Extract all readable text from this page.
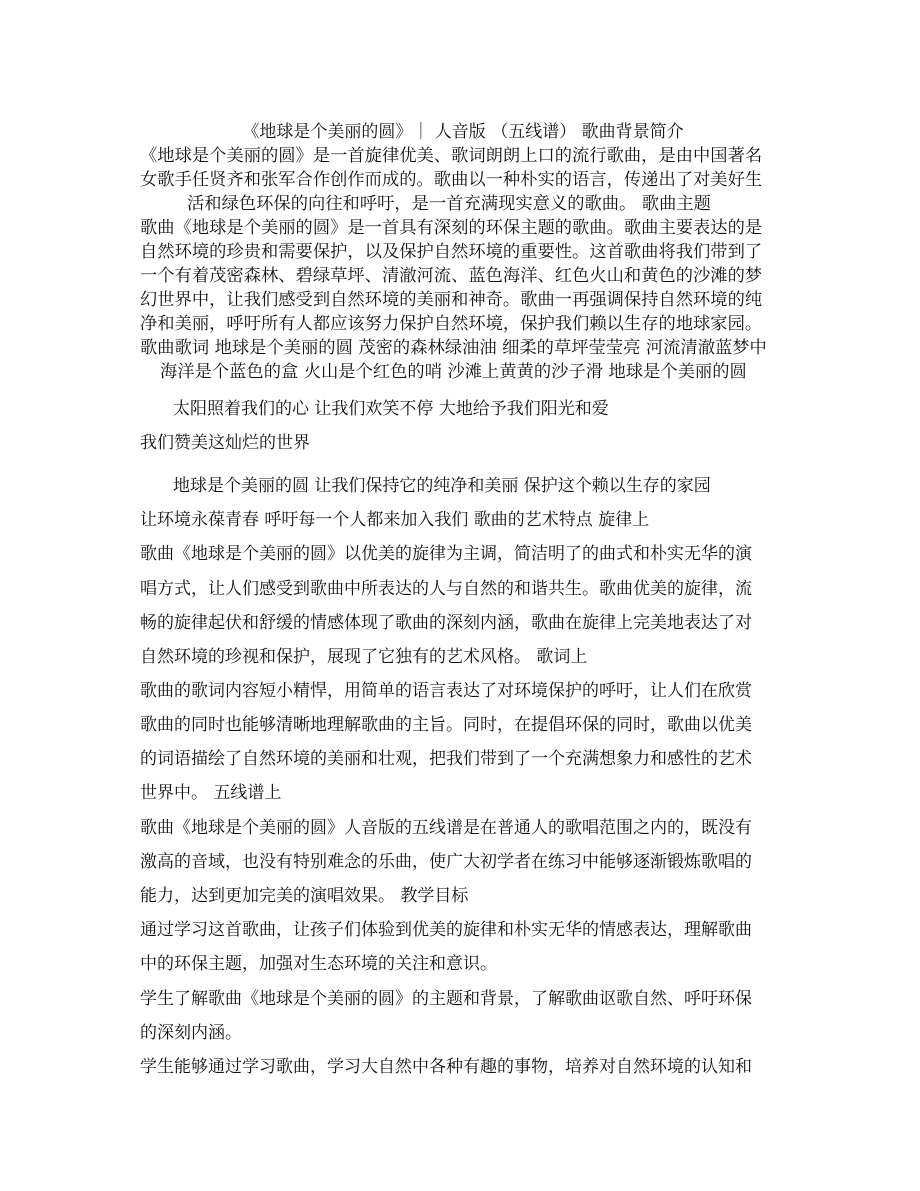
《地球是个美丽的圆》｜ 人音版 （五线谱） 歌曲背景简介
《地球是个美丽的圆》是一首旋律优美、歌词朗朗上口的流行歌曲，是由中国著名
女歌手任贤齐和张军合作创作而成的。歌曲以一种朴实的语言，传递出了对美好生
活和绿色环保的向往和呼吁，是一首充满现实意义的歌曲。 歌曲主题
歌曲《地球是个美丽的圆》是一首具有深刻的环保主题的歌曲。歌曲主要表达的是
自然环境的珍贵和需要保护，以及保护自然环境的重要性。这首歌曲将我们带到了
一个有着茂密森林、碧绿草坪、清澈河流、蓝色海洋、红色火山和黄色的沙滩的梦
幻世界中，让我们感受到自然环境的美丽和神奇。歌曲一再强调保持自然环境的纯
净和美丽，呼吁所有人都应该努力保护自然环境，保护我们赖以生存的地球家园。
歌曲歌词 地球是个美丽的圆 茂密的森林绿油油 细柔的草坪莹莹亮 河流清澈蓝梦中
海洋是个蓝色的盒 火山是个红色的哨 沙滩上黄黄的沙子滑 地球是个美丽的圆
太阳照着我们的心 让我们欢笑不停 大地给予我们阳光和爱
我们赞美这灿烂的世界
地球是个美丽的圆 让我们保持它的纯净和美丽 保护这个赖以生存的家园
让环境永葆青春 呼吁每一个人都来加入我们 歌曲的艺术特点 旋律上
歌曲《地球是个美丽的圆》以优美的旋律为主调，简洁明了的曲式和朴实无华的演
唱方式，让人们感受到歌曲中所表达的人与自然的和谐共生。歌曲优美的旋律，流
畅的旋律起伏和舒缓的情感体现了歌曲的深刻内涵，歌曲在旋律上完美地表达了对
自然环境的珍视和保护，展现了它独有的艺术风格。 歌词上
歌曲的歌词内容短小精悍，用简单的语言表达了对环境保护的呼吁，让人们在欣赏
歌曲的同时也能够清晰地理解歌曲的主旨。同时，在提倡环保的同时，歌曲以优美
的词语描绘了自然环境的美丽和壮观，把我们带到了一个充满想象力和感性的艺术
世界中。 五线谱上
歌曲《地球是个美丽的圆》人音版的五线谱是在普通人的歌唱范围之内的，既没有
激高的音域，也没有特别难念的乐曲，使广大初学者在练习中能够逐渐锻炼歌唱的
能力，达到更加完美的演唱效果。 教学目标
通过学习这首歌曲，让孩子们体验到优美的旋律和朴实无华的情感表达，理解歌曲
中的环保主题，加强对生态环境的关注和意识。
学生了解歌曲《地球是个美丽的圆》的主题和背景，了解歌曲讴歌自然、呼吁环保
的深刻内涵。
学生能够通过学习歌曲，学习大自然中各种有趣的事物，培养对自然环境的认知和
